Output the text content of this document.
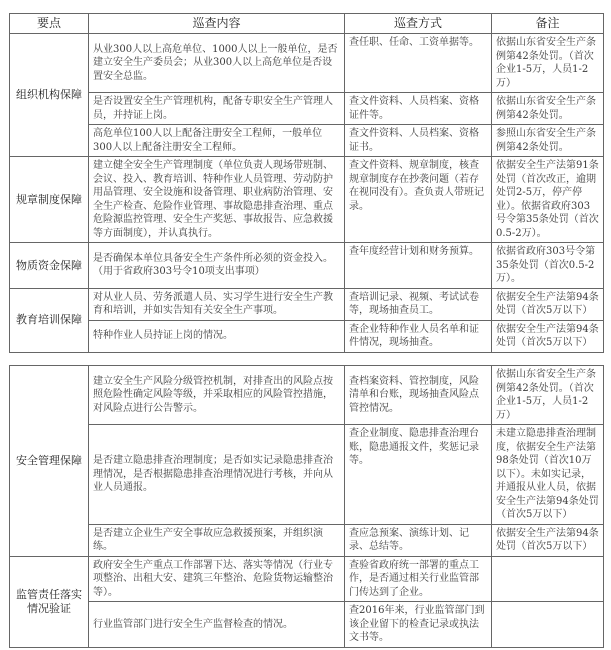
要点	巡查内容	巡查方式	备注
组织机构保障	从业300人以上高危单位、1000人以上一般单位，是否建立安全生产委员会；从业300人以上高危单位是否设置安全总监。	查任职、任命、工资单据等。	依据山东省安全生产条例第42条处罚。（首次企业1-5万，人员1-2万）
	是否设置安全生产管理机构，配备专职安全生产管理人员，并持证上岗。	查文件资料、人员档案、资格证件等。	依据山东省安全生产条例第42条处罚。
	高危单位100人以上配备注册安全工程师，一般单位300人以上配备注册安全工程师。	查文件资料、人员档案、资格证书。	参照山东省安全生产条例第42条处罚。
规章制度保障	建立健全安全生产管理制度（单位负责人现场带班制、会议、投入、教育培训、特种作业人员管理、劳动防护用品管理、安全设施和设备管理、职业病防治管理、安全生产检查、危险作业管理、事故隐患排查治理、重点危险源监控管理、安全生产奖惩、事故报告、应急救援等方面制度），并认真执行。	查文件资料、规章制度，核查规章制度存在抄袭问题（若存在视同没有）。查负责人带班记录。	依据安全生产法第91条处罚（首次改正，逾期处罚2-5万，停产停业）。依据省政府303号令第35条处罚（首次0.5-2万）。
物质资金保障	是否确保本单位具备安全生产条件所必须的资金投入。（用于省政府303号令10项支出事项）	查年度经营计划和财务预算。	依据省政府303号令第35条处罚（首次0.5-2万）。
教育培训保障	对从业人员、劳务派遣人员、实习学生进行安全生产教育和培训，并如实告知有关安全生产事项。	查培训记录、视频、考试试卷等，现场抽查员工。	依据安全生产法第94条处罚（首次5万以下）
	特种作业人员持证上岗的情况。	查企业特种作业人员名单和证件情况，现场抽查。	依据安全生产法第94条处罚（首次5万以下）
安全管理保障	建立安全生产风险分级管控机制，对排查出的风险点按照危险性确定风险等级，并采取相应的风险管控措施，对风险点进行公告警示。	查档案资料、管控制度，风险清单和台账，现场抽查风险点管控情况。	依据山东省安全生产条例第42条处罚。（首次企业1-5万，人员1-2万）
	是否建立隐患排查治理制度；是否如实记录隐患排查治理情况，是否根据隐患排查治理情况进行考核，并向从业人员通报。	查企业制度、隐患排查治理台账，隐患通报文件，奖惩记录等。	未建立隐患排查治理制度，依据安全生产法第98条处罚（首次10万以下）。未如实记录，并通报从业人员，依据安全生产法第94条处罚（首次5万以下）
	是否建立企业生产安全事故应急救援预案，并组织演练。	查应急预案、演练计划、记录、总结等。	依据安全生产法第94条处罚（首次5万以下）
监管责任落实情况验证	政府安全生产重点工作部署下达、落实等情况（行业专项整治、出租大安、建筑三年整治、危险货物运输整治等）。	查验省政府统一部署的重点工作，是否通过相关行业监管部门传达到了企业。	
	行业监管部门进行安全生产监督检查的情况。	查2016年来，行业监管部门到该企业留下的检查记录或执法文书等。	
